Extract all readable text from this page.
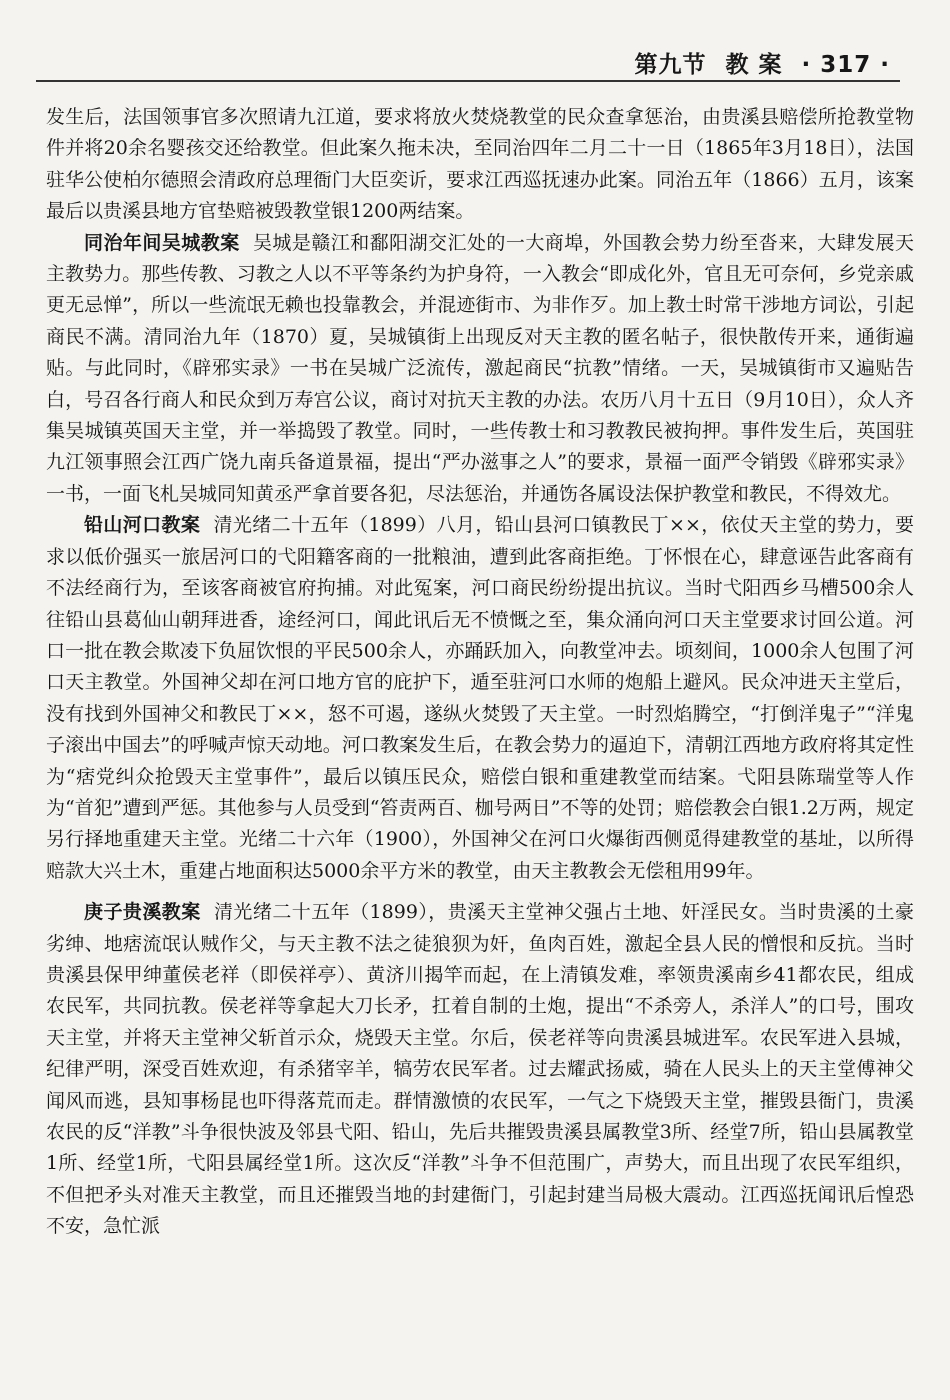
第九节 教 案 · 317 ·

发生后，法国领事官多次照请九江道，要求将放火焚烧教堂的民众查拿惩治，由贵溪县赔偿所抢教堂物件并将20余名婴孩交还给教堂。但此案久拖未决，至同治四年二月二十一日（1865年3月18日），法国驻华公使柏尔德照会清政府总理衙门大臣奕䜣，要求江西巡抚速办此案。同治五年（1866）五月，该案最后以贵溪县地方官垫赔被毁教堂银1200两结案。

同治年间吴城教案 吴城是赣江和鄱阳湖交汇处的一大商埠，外国教会势力纷至沓来，大肆发展天主教势力。那些传教、习教之人以不平等条约为护身符，一入教会“即成化外，官且无可奈何，乡党亲戚更无忌惮”，所以一些流氓无赖也投靠教会，并混迹街市、为非作歹。加上教士时常干涉地方词讼，引起商民不满。清同治九年（1870）夏，吴城镇街上出现反对天主教的匿名帖子，很快散传开来，通街遍贴。与此同时，《辟邪实录》一书在吴城广泛流传，激起商民“抗教”情绪。一天，吴城镇街市又遍贴告白，号召各行商人和民众到万寿宫公议，商讨对抗天主教的办法。农历八月十五日（9月10日），众人齐集吴城镇英国天主堂，并一举捣毁了教堂。同时，一些传教士和习教教民被拘押。事件发生后，英国驻九江领事照会江西广饶九南兵备道景福，提出“严办滋事之人”的要求，景福一面严令销毁《辟邪实录》一书，一面飞札吴城同知黄丞严拿首要各犯，尽法惩治，并通饬各属设法保护教堂和教民，不得效尤。

铅山河口教案 清光绪二十五年（1899）八月，铅山县河口镇教民丁××，依仗天主堂的势力，要求以低价强买一旅居河口的弋阳籍客商的一批粮油，遭到此客商拒绝。丁怀恨在心，肆意诬告此客商有不法经商行为，至该客商被官府拘捕。对此冤案，河口商民纷纷提出抗议。当时弋阳西乡马槽500余人往铅山县葛仙山朝拜进香，途经河口，闻此讯后无不愤慨之至，集众涌向河口天主堂要求讨回公道。河口一批在教会欺凌下负屈饮恨的平民500余人，亦踊跃加入，向教堂冲去。顷刻间，1000余人包围了河口天主教堂。外国神父却在河口地方官的庇护下，遁至驻河口水师的炮船上避风。民众冲进天主堂后，没有找到外国神父和教民丁××，怒不可遏，遂纵火焚毁了天主堂。一时烈焰腾空，“打倒洋鬼子”“洋鬼子滚出中国去”的呼喊声惊天动地。河口教案发生后，在教会势力的逼迫下，清朝江西地方政府将其定性为“痞党纠众抢毁天主堂事件”，最后以镇压民众，赔偿白银和重建教堂而结案。弋阳县陈瑞堂等人作为“首犯”遭到严惩。其他参与人员受到“笞责两百、枷号两日”不等的处罚；赔偿教会白银1.2万两，规定另行择地重建天主堂。光绪二十六年（1900），外国神父在河口火爆街西侧觅得建教堂的基址，以所得赔款大兴土木，重建占地面积达5000余平方米的教堂，由天主教教会无偿租用99年。

庚子贵溪教案 清光绪二十五年（1899），贵溪天主堂神父强占土地、奸淫民女。当时贵溪的土豪劣绅、地痞流氓认贼作父，与天主教不法之徒狼狈为奸，鱼肉百姓，激起全县人民的憎恨和反抗。当时贵溪县保甲绅董侯老祥（即侯祥亭）、黄济川揭竿而起，在上清镇发难，率领贵溪南乡41都农民，组成农民军，共同抗教。侯老祥等拿起大刀长矛，扛着自制的土炮，提出“不杀旁人，杀洋人”的口号，围攻天主堂，并将天主堂神父斩首示众，烧毁天主堂。尔后，侯老祥等向贵溪县城进军。农民军进入县城，纪律严明，深受百姓欢迎，有杀猪宰羊，犒劳农民军者。过去耀武扬威，骑在人民头上的天主堂傅神父闻风而逃，县知事杨昆也吓得落荒而走。群情激愤的农民军，一气之下烧毁天主堂，摧毁县衙门，贵溪农民的反“洋教”斗争很快波及邻县弋阳、铅山，先后共摧毁贵溪县属教堂3所、经堂7所，铅山县属教堂1所、经堂1所，弋阳县属经堂1所。这次反“洋教”斗争不但范围广，声势大，而且出现了农民军组织，不但把矛头对准天主教堂，而且还摧毁当地的封建衙门，引起封建当局极大震动。江西巡抚闻讯后惶恐不安，急忙派
